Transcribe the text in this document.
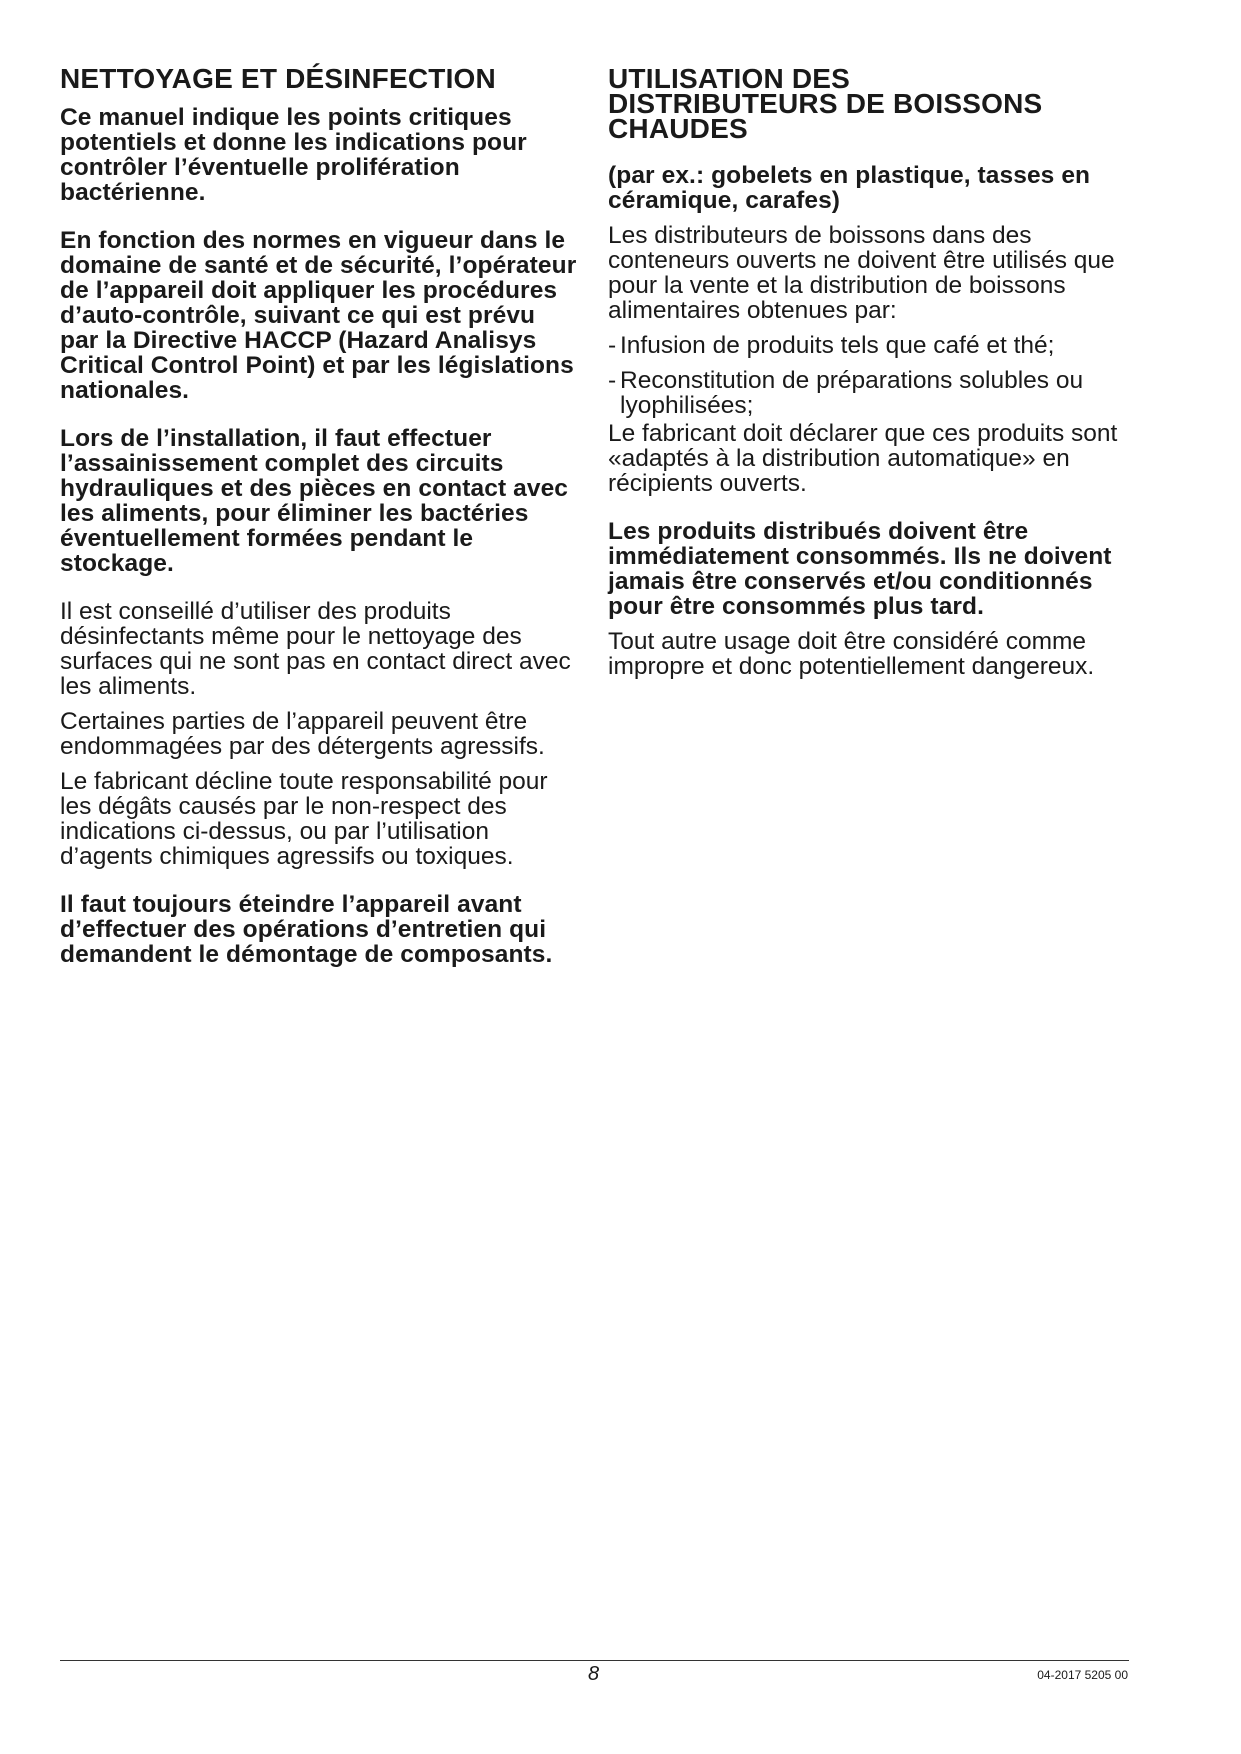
NETTOYAGE ET DÉSINFECTION

Ce manuel indique les points critiques potentiels et donne les indications pour contrôler l’éventuelle prolifération bactérienne.

En fonction des normes en vigueur dans le domaine de santé et de sécurité, l’opérateur de l’appareil doit appliquer les procédures d’auto-contrôle, suivant ce qui est prévu par la Directive HACCP (Hazard Analisys Critical Control Point) et par les législations nationales.

Lors de l’installation, il faut effectuer l’assainissement complet des circuits hydrauliques et des pièces en contact avec les aliments, pour éliminer les bactéries éventuellement formées pendant le stockage.

Il est conseillé d’utiliser des produits désinfectants même pour le nettoyage des surfaces qui ne sont pas en contact direct avec les aliments.

Certaines parties de l’appareil peuvent être endommagées par des détergents agressifs.

Le fabricant décline toute responsabilité pour les dégâts causés par le non-respect des indications ci-dessus, ou par l’utilisation d’agents chimiques agressifs ou toxiques.

Il faut toujours éteindre l’appareil avant d’effectuer des opérations d’entretien qui demandent le démontage de composants.

UTILISATION DES
DISTRIBUTEURS DE BOISSONS
CHAUDES

(par ex.: gobelets en plastique, tasses en céramique, carafes)

Les distributeurs de boissons dans des conteneurs ouverts ne doivent être utilisés que pour la vente et la distribution de boissons alimentaires obtenues par:

- Infusion de produits tels que café et thé;
- Reconstitution de préparations solubles ou lyophilisées;

Le fabricant doit déclarer que ces produits sont «adaptés à la distribution automatique» en récipients ouverts.

Les produits distribués doivent être immédiatement consommés. Ils ne doivent jamais être conservés et/ou conditionnés pour être consommés plus tard.

Tout autre usage doit être considéré comme impropre et donc potentiellement dangereux.

8	04-2017 5205 00
